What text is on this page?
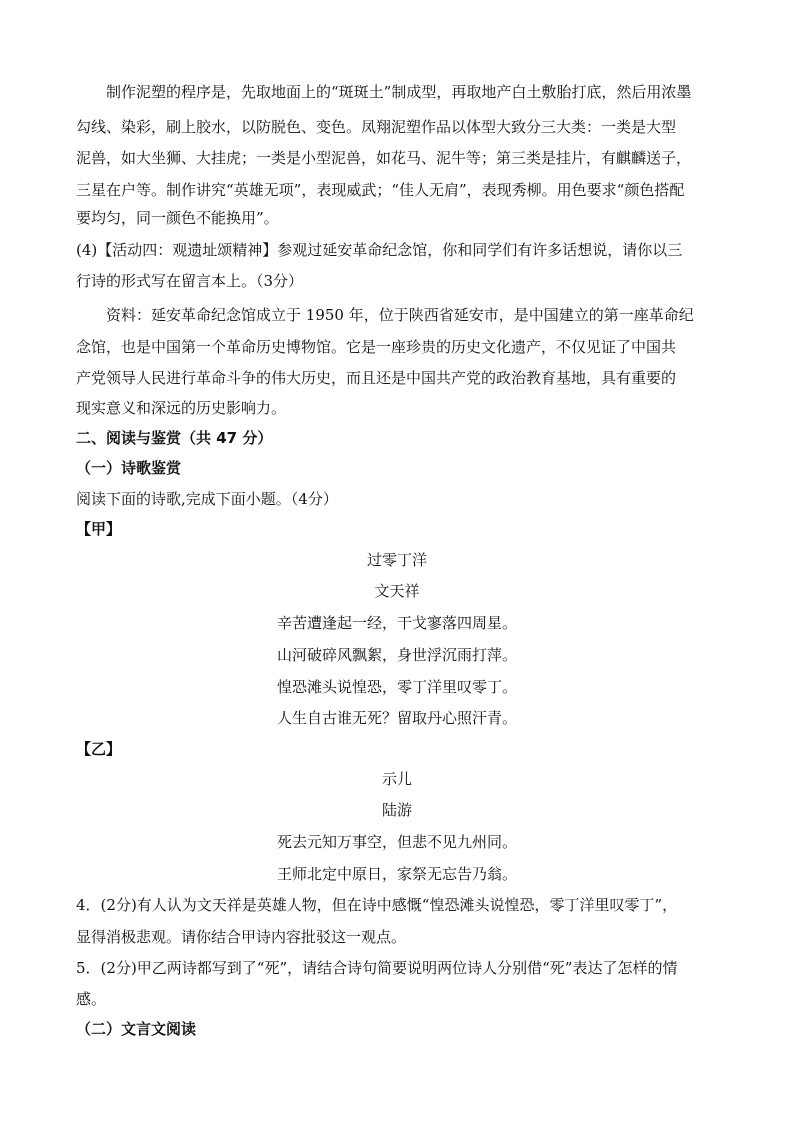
制作泥塑的程序是，先取地面上的“斑斑土”制成型，再取地产白土敷胎打底，然后用浓墨
勾线、染彩，刷上胶水，以防脱色、变色。凤翔泥塑作品以体型大致分三大类：一类是大型
泥兽，如大坐狮、大挂虎；一类是小型泥兽，如花马、泥牛等；第三类是挂片，有麒麟送子，
三星在户等。制作讲究“英雄无项”，表现威武；“佳人无肩”，表现秀柳。用色要求“颜色搭配
要均匀，同一颜色不能换用”。
(4)【活动四：观遗址颂精神】参观过延安革命纪念馆，你和同学们有许多话想说，请你以三
行诗的形式写在留言本上。（3分）
资料：延安革命纪念馆成立于 1950 年，位于陕西省延安市，是中国建立的第一座革命纪
念馆，也是中国第一个革命历史博物馆。它是一座珍贵的历史文化遗产，不仅见证了中国共
产党领导人民进行革命斗争的伟大历史，而且还是中国共产党的政治教育基地，具有重要的
现实意义和深远的历史影响力。
二、阅读与鉴赏（共 47 分）
（一）诗歌鉴赏
阅读下面的诗歌,完成下面小题。（4分）
【甲】
过零丁洋
文天祥
辛苦遭逢起一经，干戈寥落四周星。
山河破碎风飘絮，身世浮沉雨打萍。
惶恐滩头说惶恐，零丁洋里叹零丁。
人生自古谁无死？留取丹心照汗青。
【乙】
示儿
陆游
死去元知万事空，但悲不见九州同。
王师北定中原日，家祭无忘告乃翁。
4．(2分)有人认为文天祥是英雄人物，但在诗中感慨“惶恐滩头说惶恐，零丁洋里叹零丁”，
显得消极悲观。请你结合甲诗内容批驳这一观点。
5．(2分)甲乙两诗都写到了“死”，请结合诗句简要说明两位诗人分别借“死”表达了怎样的情
感。
（二）文言文阅读
